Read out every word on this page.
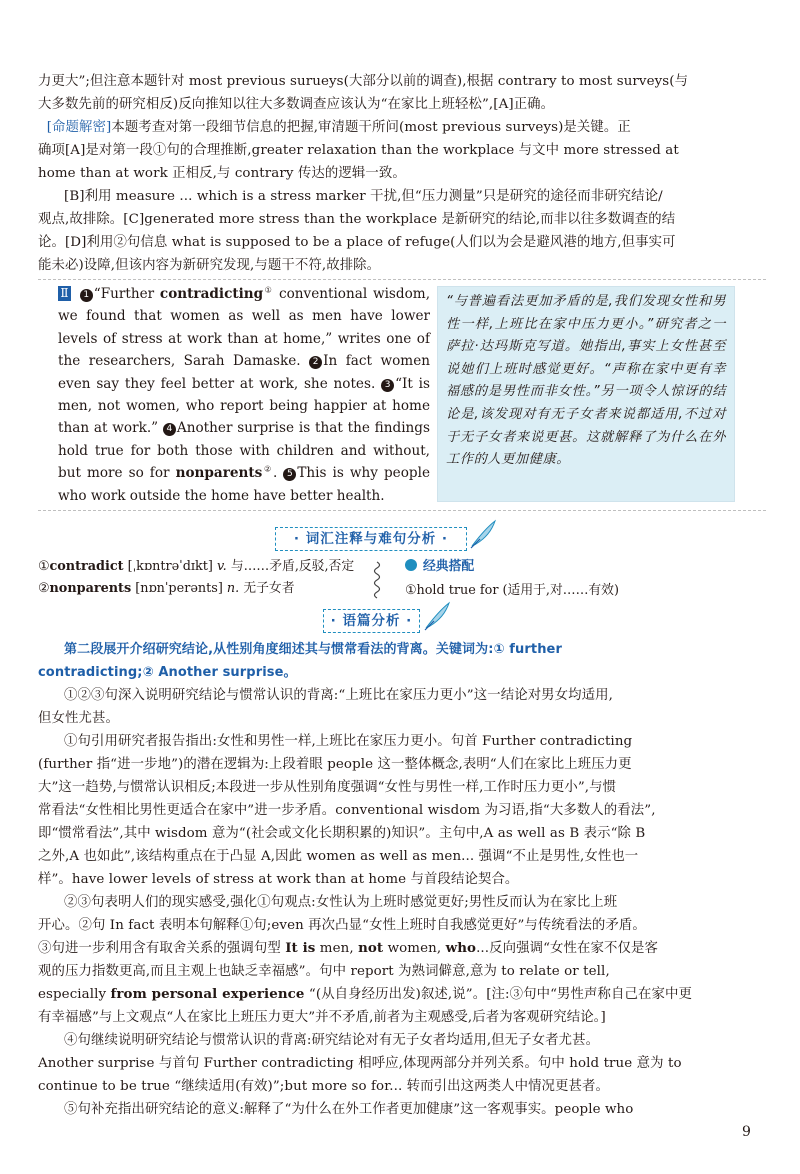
力更大”;但注意本题针对 most previous surueys(大部分以前的调查),根据 contrary to most surveys(与
大多数先前的研究相反)反向推知以往大多数调查应该认为“在家比上班轻松”,[A]正确。
[命题解密]本题考查对第一段细节信息的把握,审清题干所问(most previous surveys)是关键。正
确项[A]是对第一段①句的合理推断,greater relaxation than the workplace 与文中 more stressed at
home than at work 正相反,与 contrary 传达的逻辑一致。
[B]利用 measure ... which is a stress marker 干扰,但“压力测量”只是研究的途径而非研究结论/
观点,故排除。[C]generated more stress than the workplace 是新研究的结论,而非以往多数调查的结
论。[D]利用②句信息 what is supposed to be a place of refuge(人们以为会是避风港的地方,但事实可
能未必)设障,但该内容为新研究发现,与题干不符,故排除。
Ⅱ 1 “Further contradicting① conventional wisdom, we found that women as well as men have lower levels of stress at work than at home,” writes one of the researchers, Sarah Damaske. 2 In fact women even say they feel better at work, she notes. 3 “It is men, not women, who report being happier at home than at work.” 4 Another surprise is that the findings hold true for both those with children and without, but more so for nonparents②. 5 This is why people who work outside the home have better health.
“与普遍看法更加矛盾的是,我们发现女性和男性一样,上班比在家中压力更小。”研究者之一萨拉·达玛斯克写道。她指出,事实上女性甚至说她们上班时感觉更好。“声称在家中更有幸福感的是男性而非女性。”另一项令人惊讶的结论是,该发现对有无子女者来说都适用,不过对于无子女者来说更甚。这就解释了为什么在外工作的人更加健康。
· 词汇注释与难句分析 ·
①contradict [ˌkɒntrəˈdɪkt] v. 与……矛盾,反驳,否定
②nonparents [nɒnˈperənts] n. 无子女者
经典搭配
①hold true for (适用于,对……有效)
· 语篇分析 ·
第二段展开介绍研究结论,从性别角度细述其与惯常看法的背离。关键词为:① further
contradicting;② Another surprise。
①②③句深入说明研究结论与惯常认识的背离:“上班比在家压力更小”这一结论对男女均适用,
但女性尤甚。
①句引用研究者报告指出:女性和男性一样,上班比在家压力更小。句首 Further contradicting
(further 指“进一步地”)的潜在逻辑为:上段着眼 people 这一整体概念,表明“人们在家比上班压力更
大”这一趋势,与惯常认识相反;本段进一步从性别角度强调“女性与男性一样,工作时压力更小”,与惯
常看法“女性相比男性更适合在家中”进一步矛盾。conventional wisdom 为习语,指“大多数人的看法”,
即“惯常看法”,其中 wisdom 意为“(社会或文化长期积累的)知识”。主句中,A as well as B 表示“除 B
之外,A 也如此”,该结构重点在于凸显 A,因此 women as well as men... 强调“不止是男性,女性也一
样”。have lower levels of stress at work than at home 与首段结论契合。
②③句表明人们的现实感受,强化①句观点:女性认为上班时感觉更好;男性反而认为在家比上班
开心。②句 In fact 表明本句解释①句;even 再次凸显“女性上班时自我感觉更好”与传统看法的矛盾。
③句进一步利用含有取舍关系的强调句型 It is men, not women, who...反向强调“女性在家不仅是客
观的压力指数更高,而且主观上也缺乏幸福感”。句中 report 为熟词僻意,意为 to relate or tell,
especially from personal experience “(从自身经历出发)叙述,说”。[注:③句中“男性声称自己在家中更
有幸福感”与上文观点“人在家比上班压力更大”并不矛盾,前者为主观感受,后者为客观研究结论。]
④句继续说明研究结论与惯常认识的背离:研究结论对有无子女者均适用,但无子女者尤甚。
Another surprise 与首句 Further contradicting 相呼应,体现两部分并列关系。句中 hold true 意为 to
continue to be true “继续适用(有效)”;but more so for... 转而引出这两类人中情况更甚者。
⑤句补充指出研究结论的意义:解释了“为什么在外工作者更加健康”这一客观事实。people who
9
